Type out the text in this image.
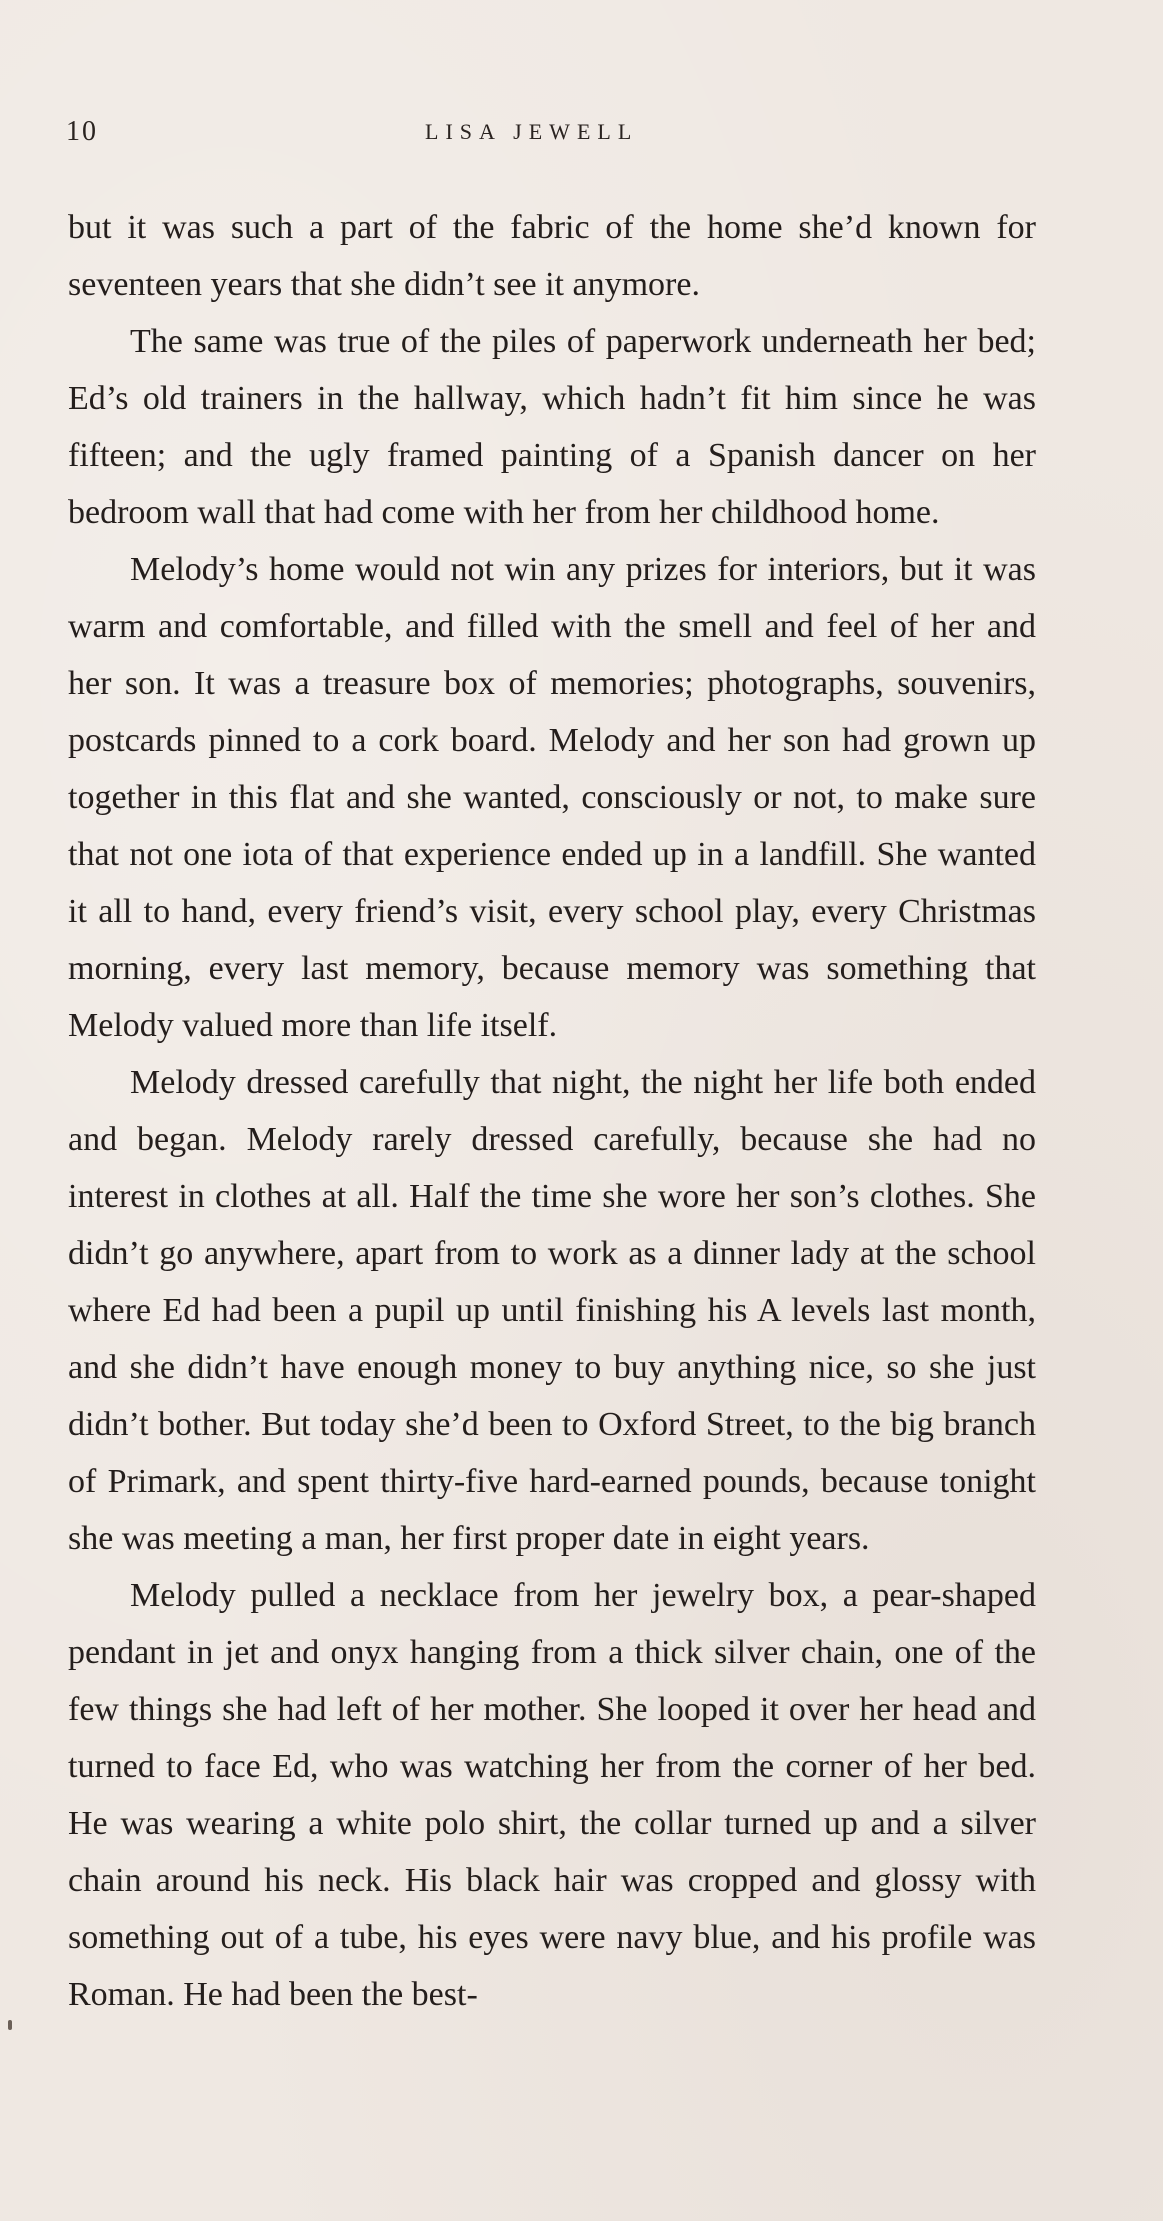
10	LISA JEWELL

but it was such a part of the fabric of the home she’d known for seventeen years that she didn’t see it anymore.

The same was true of the piles of paperwork underneath her bed; Ed’s old trainers in the hallway, which hadn’t fit him since he was fifteen; and the ugly framed painting of a Spanish dancer on her bedroom wall that had come with her from her childhood home.

Melody’s home would not win any prizes for interiors, but it was warm and comfortable, and filled with the smell and feel of her and her son. It was a treasure box of memories; photographs, souvenirs, postcards pinned to a cork board. Melody and her son had grown up together in this flat and she wanted, consciously or not, to make sure that not one iota of that experience ended up in a landfill. She wanted it all to hand, every friend’s visit, every school play, every Christmas morning, every last memory, because memory was something that Melody valued more than life itself.

Melody dressed carefully that night, the night her life both ended and began. Melody rarely dressed carefully, because she had no interest in clothes at all. Half the time she wore her son’s clothes. She didn’t go anywhere, apart from to work as a dinner lady at the school where Ed had been a pupil up until finishing his A levels last month, and she didn’t have enough money to buy anything nice, so she just didn’t bother. But today she’d been to Oxford Street, to the big branch of Primark, and spent thirty-five hard-earned pounds, because tonight she was meeting a man, her first proper date in eight years.

Melody pulled a necklace from her jewelry box, a pear-shaped pendant in jet and onyx hanging from a thick silver chain, one of the few things she had left of her mother. She looped it over her head and turned to face Ed, who was watching her from the corner of her bed. He was wearing a white polo shirt, the collar turned up and a silver chain around his neck. His black hair was cropped and glossy with something out of a tube, his eyes were navy blue, and his profile was Roman. He had been the best-
